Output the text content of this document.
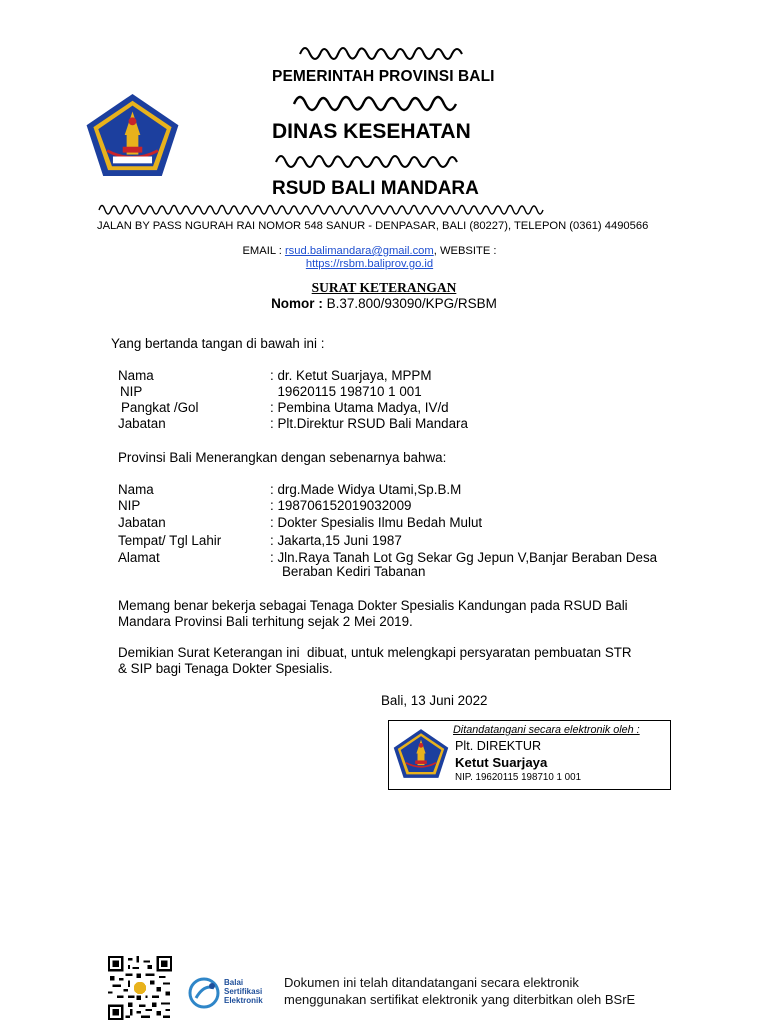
PEMERINTAH PROVINSI BALI
DINAS KESEHATAN
RSUD BALI MANDARA
JALAN BY PASS NGURAH RAI NOMOR 548 SANUR - DENPASAR, BALI (80227), TELEPON (0361) 4490566
EMAIL : rsud.balimandara@gmail.com, WEBSITE :
https://rsbm.baliprov.go.id
SURAT KETERANGAN
Nomor : B.37.800/93090/KPG/RSBM
Yang bertanda tangan di bawah ini :
Nama	: dr. Ketut Suarjaya, MPPM
NIP	19620115 198710 1 001
Pangkat /Gol	: Pembina Utama Madya, IV/d
Jabatan	: Plt.Direktur RSUD Bali Mandara
Provinsi Bali Menerangkan dengan sebenarnya bahwa:
Nama	: drg.Made Widya Utami,Sp.B.M
NIP	: 198706152019032009
Jabatan	: Dokter Spesialis Ilmu Bedah Mulut
Tempat/ Tgl Lahir	: Jakarta,15 Juni 1987
Alamat	: Jln.Raya Tanah Lot Gg Sekar Gg Jepun V,Banjar Beraban Desa
Beraban Kediri Tabanan
Memang benar bekerja sebagai Tenaga Dokter Spesialis Kandungan pada RSUD Bali
Mandara Provinsi Bali terhitung sejak 2 Mei 2019.
Demikian Surat Keterangan ini  dibuat, untuk melengkapi persyaratan pembuatan STR
& SIP bagi Tenaga Dokter Spesialis.
Bali, 13 Juni 2022
Ditandatangani secara elektronik oleh :
Plt. DIREKTUR
Ketut Suarjaya
NIP. 19620115 198710 1 001
Balai
Sertifikasi
Elektronik
Dokumen ini telah ditandatangani secara elektronik
menggunakan sertifikat elektronik yang diterbitkan oleh BSrE
